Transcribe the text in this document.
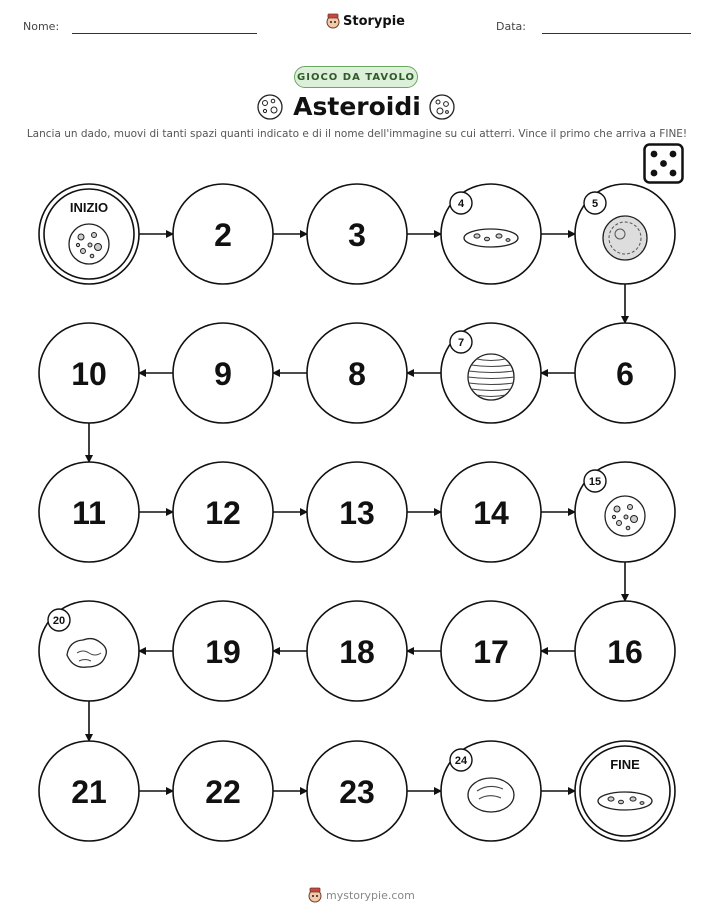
Nome:	Storypie	Data:
GIOCO DA TAVOLO
Asteroidi
Lancia un dado, muovi di tanti spazi quanti indicato e di il nome dell'immagine su cui atterri. Vince il primo che arriva a FINE!
INIZIO
2	3
4	5
6
7
8
9
10
11	12	13	14
15
16
17
18
19
20
21	22	23
24	FINE
mystorypie.com
